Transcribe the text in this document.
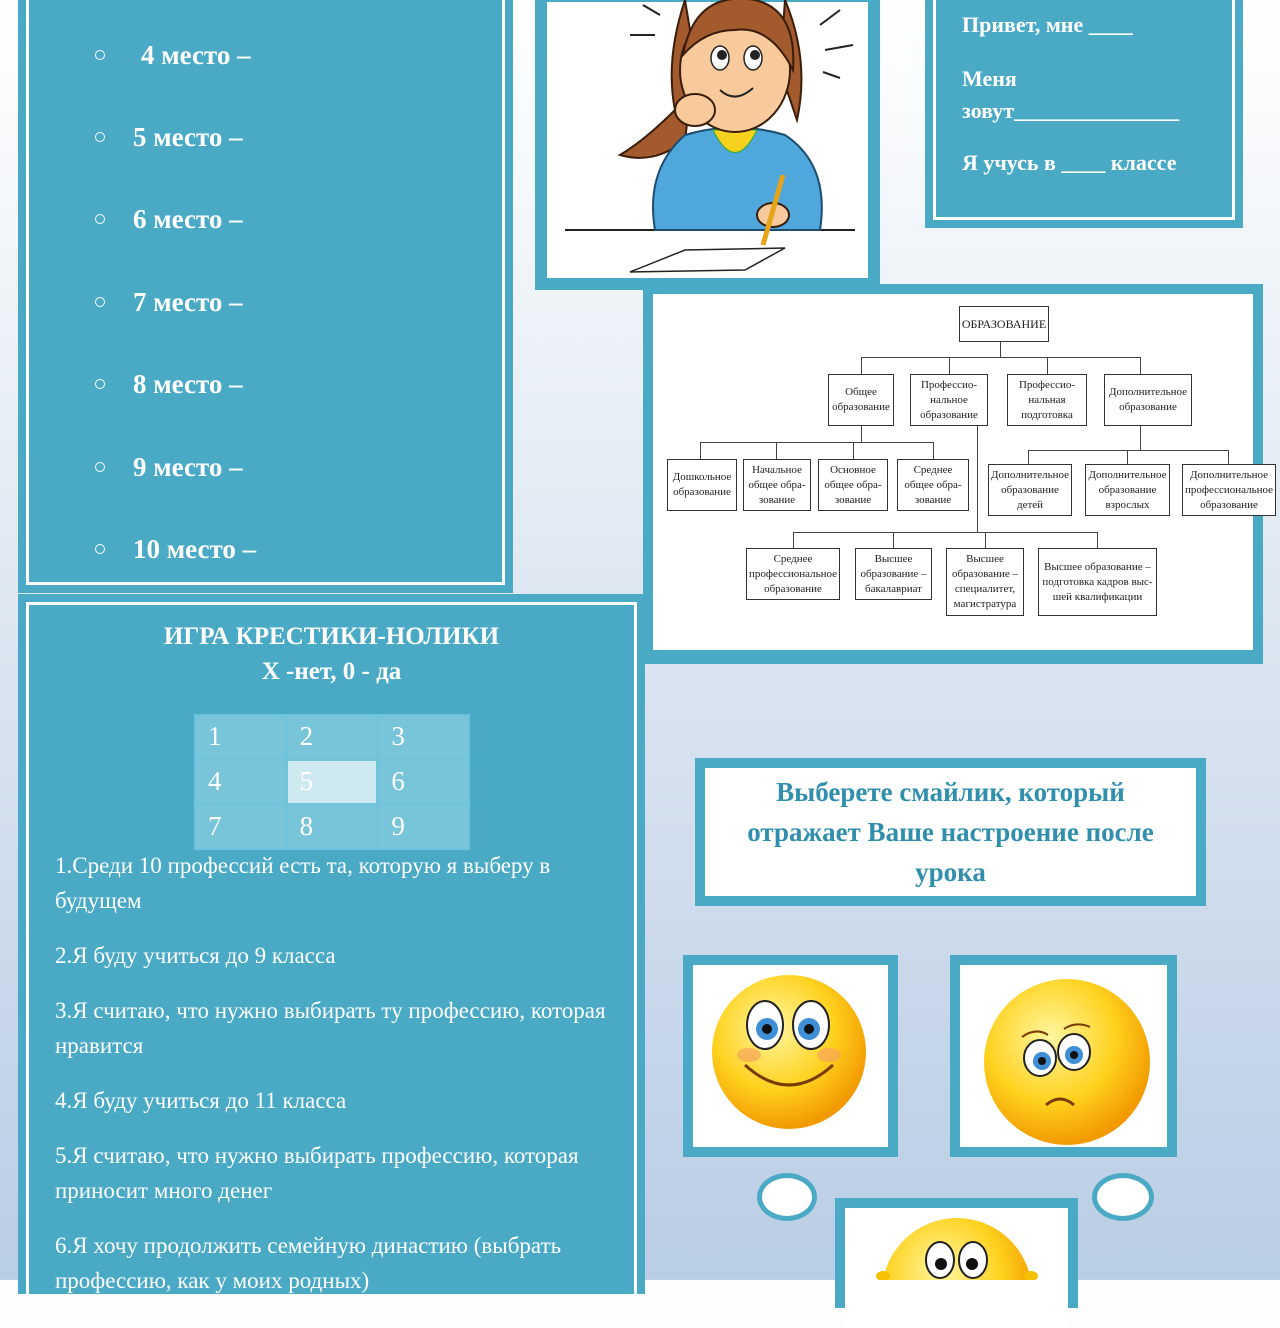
4 место –
5 место –
6 место –
7 место –
8 место –
9 место –
10 место –
Привет, мне ____
Меня
зовут_______________
Я учусь в ____ классе
ОБРАЗОВАНИЕ
Общее образование
Профессио-нальное образование
Профессио-нальная подготовка
Дополнительное образование
Дошкольное образование
Начальное общее обра-зование
Основное общее обра-зование
Среднее общее обра-зование
Дополнительное образование детей
Дополнительное образование взрослых
Дополнительное профессиональное образование
Среднее профессиональное образование
Высшее образование – бакалавриат
Высшее образование – специалитет, магистратура
Высшее образование – подготовка кадров выс-шей квалификации
ИГРА КРЕСТИКИ-НОЛИКИ
Х -нет, 0 - да
1	2	3
4	5	6
7	8	9
1.Среди 10 профессий есть та, которую я выберу в будущем
2.Я буду учиться до 9 класса
3.Я считаю, что нужно выбирать ту профессию, которая нравится
4.Я буду учиться до 11 класса
5.Я считаю, что нужно выбирать профессию, которая приносит много денег
6.Я хочу продолжить семейную династию (выбрать профессию, как у моих родных)
Выберете смайлик, который отражает Ваше настроение после урока
